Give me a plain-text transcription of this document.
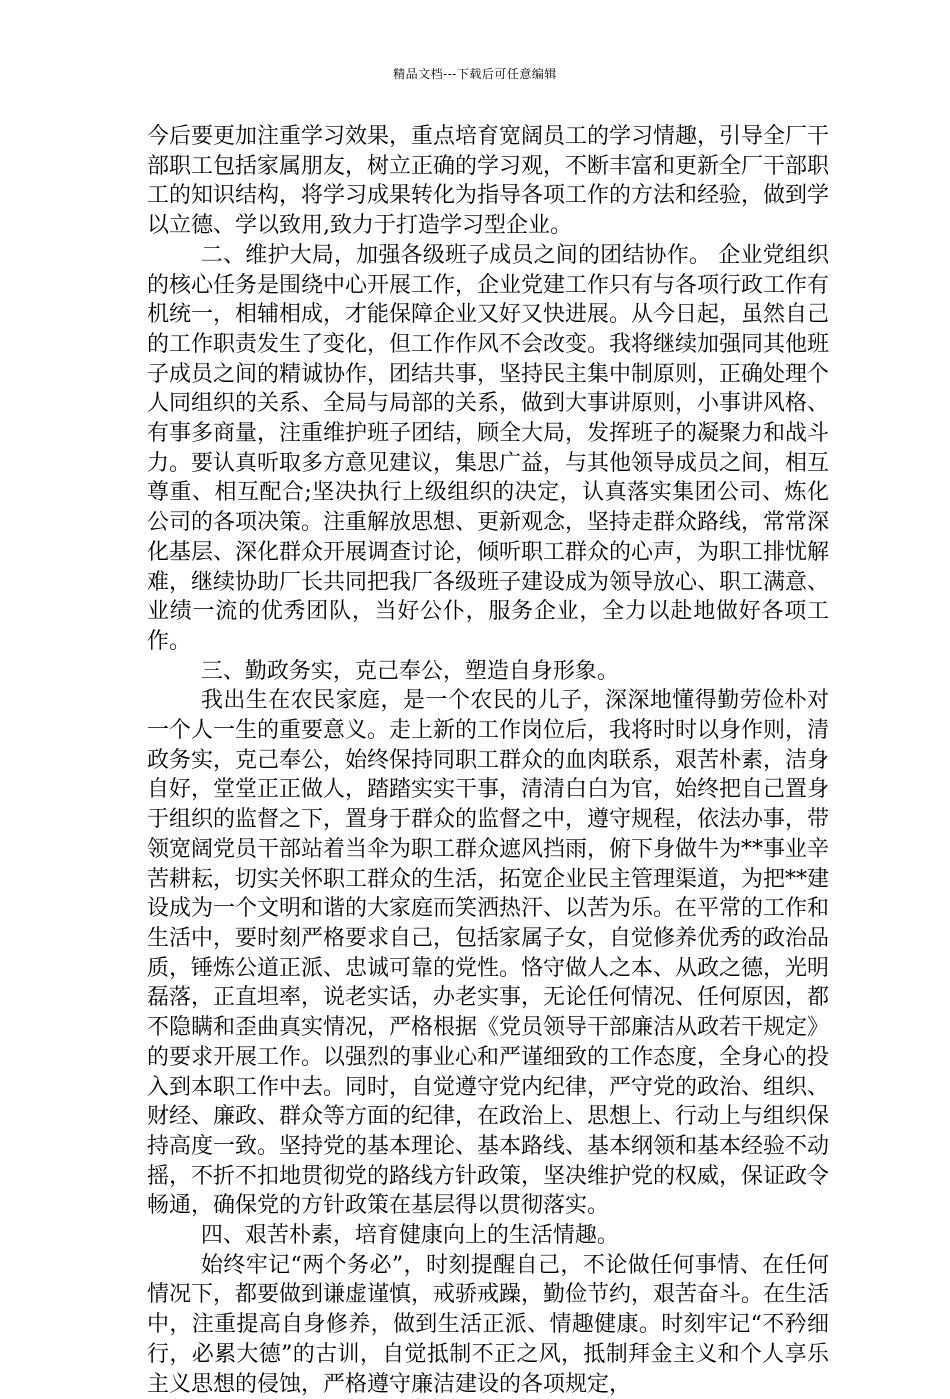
精品文档---下载后可任意编辑

今后要更加注重学习效果，重点培育宽阔员工的学习情趣，引导全厂干部职工包括家属朋友，树立正确的学习观，不断丰富和更新全厂干部职工的知识结构，将学习成果转化为指导各项工作的方法和经验，做到学以立德、学以致用,致力于打造学习型企业。

二、维护大局，加强各级班子成员之间的团结协作。 企业党组织的核心任务是围绕中心开展工作，企业党建工作只有与各项行政工作有机统一，相辅相成，才能保障企业又好又快进展。从今日起，虽然自己的工作职责发生了变化，但工作作风不会改变。我将继续加强同其他班子成员之间的精诚协作，团结共事，坚持民主集中制原则，正确处理个人同组织的关系、全局与局部的关系，做到大事讲原则，小事讲风格、有事多商量，注重维护班子团结，顾全大局，发挥班子的凝聚力和战斗力。要认真听取多方意见建议，集思广益，与其他领导成员之间，相互尊重、相互配合;坚决执行上级组织的决定，认真落实集团公司、炼化公司的各项决策。注重解放思想、更新观念，坚持走群众路线，常常深化基层、深化群众开展调查讨论，倾听职工群众的心声，为职工排忧解难，继续协助厂长共同把我厂各级班子建设成为领导放心、职工满意、业绩一流的优秀团队，当好公仆，服务企业，全力以赴地做好各项工作。

三、勤政务实，克己奉公，塑造自身形象。

我出生在农民家庭，是一个农民的儿子，深深地懂得勤劳俭朴对一个人一生的重要意义。走上新的工作岗位后，我将时时以身作则，清政务实，克己奉公，始终保持同职工群众的血肉联系，艰苦朴素，洁身自好，堂堂正正做人，踏踏实实干事，清清白白为官，始终把自己置身于组织的监督之下，置身于群众的监督之中，遵守规程，依法办事，带领宽阔党员干部站着当伞为职工群众遮风挡雨，俯下身做牛为**事业辛苦耕耘，切实关怀职工群众的生活，拓宽企业民主管理渠道，为把**建设成为一个文明和谐的大家庭而笑洒热汗、以苦为乐。在平常的工作和生活中，要时刻严格要求自己，包括家属子女，自觉修养优秀的政治品质，锤炼公道正派、忠诚可靠的党性。恪守做人之本、从政之德，光明磊落，正直坦率，说老实话，办老实事，无论任何情况、任何原因，都不隐瞒和歪曲真实情况，严格根据《党员领导干部廉洁从政若干规定》的要求开展工作。以强烈的事业心和严谨细致的工作态度，全身心的投入到本职工作中去。同时，自觉遵守党内纪律，严守党的政治、组织、财经、廉政、群众等方面的纪律，在政治上、思想上、行动上与组织保持高度一致。坚持党的基本理论、基本路线、基本纲领和基本经验不动摇，不折不扣地贯彻党的路线方针政策，坚决维护党的权威，保证政令畅通，确保党的方针政策在基层得以贯彻落实。

四、艰苦朴素，培育健康向上的生活情趣。

始终牢记“两个务必”，时刻提醒自己，不论做任何事情、在任何情况下，都要做到谦虚谨慎，戒骄戒躁，勤俭节约，艰苦奋斗。在生活中，注重提高自身修养，做到生活正派、情趣健康。时刻牢记“不矜细行，必累大德”的古训，自觉抵制不正之风，抵制拜金主义和个人享乐主义思想的侵蚀，严格遵守廉洁建设的各项规定，
